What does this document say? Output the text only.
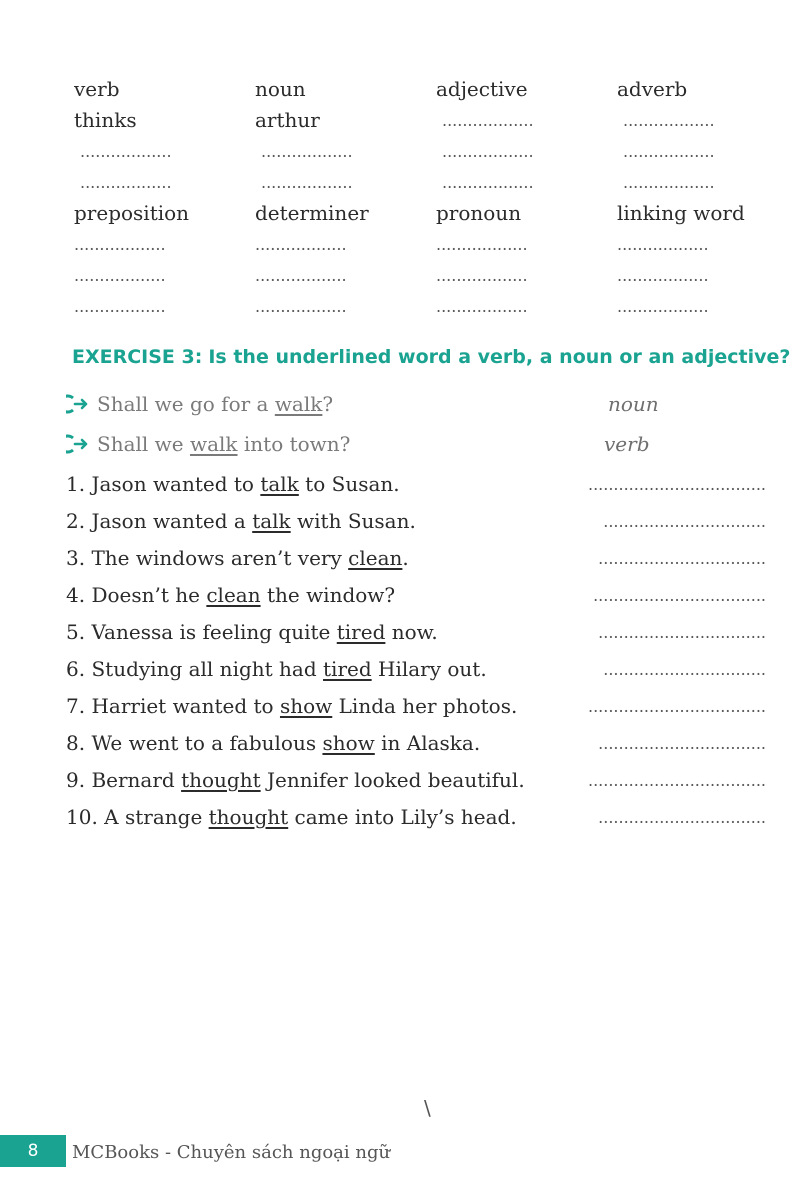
verb	noun	adjective	adverb
thinks	arthur	..................	..................
..................	..................	..................	..................
..................	..................	..................	..................
preposition	determiner	pronoun	linking word
..................	..................	..................	..................
..................	..................	..................	..................
..................	..................	..................	..................
EXERCISE 3: Is the underlined word a verb, a noun or an adjective?
Shall we go for a walk ?	noun
Shall we walk into town?	verb
1. Jason wanted to talk to Susan.	...................................
2. Jason wanted a talk with Susan.	................................
3. The windows aren’t very clean.	.................................
4. Doesn’t he clean the window?	..................................
5. Vanessa is feeling quite tired now.	.................................
6. Studying all night had tired Hilary out.	................................
7. Harriet wanted to show Linda her photos.	...................................
8. We went to a fabulous show in Alaska.	.................................
9. Bernard thought Jennifer looked beautiful.	...................................
10. A strange thought came into Lily’s head.	.................................
\
8	MCBooks - Chuyên sách ngoại ngữ
